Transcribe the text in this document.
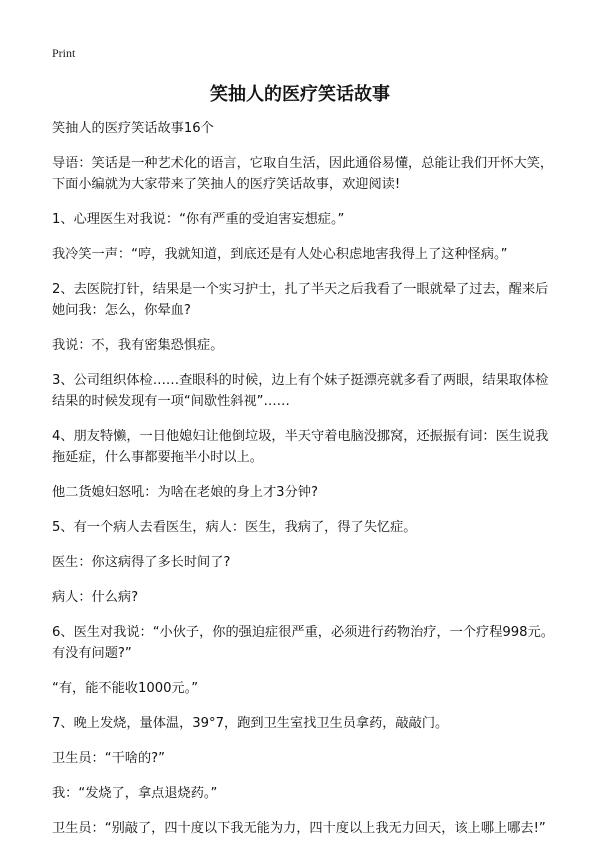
Print
笑抽人的医疗笑话故事

笑抽人的医疗笑话故事16个

导语：笑话是一种艺术化的语言，它取自生活，因此通俗易懂，总能让我们开怀大笑，下面小编就为大家带来了笑抽人的医疗笑话故事，欢迎阅读!

1、心理医生对我说：“你有严重的受迫害妄想症。”

我冷笑一声：“哼，我就知道，到底还是有人处心积虑地害我得上了这种怪病。”

2、去医院打针，结果是一个实习护士，扎了半天之后我看了一眼就晕了过去，醒来后她问我：怎么，你晕血?

我说：不，我有密集恐惧症。

3、公司组织体检……查眼科的时候，边上有个妹子挺漂亮就多看了两眼，结果取体检结果的时候发现有一项“间歇性斜视”……

4、朋友特懒，一日他媳妇让他倒垃圾，半天守着电脑没挪窝，还振振有词：医生说我拖延症，什么事都要拖半小时以上。

他二货媳妇怒吼：为啥在老娘的身上才3分钟?

5、有一个病人去看医生，病人：医生，我病了，得了失忆症。

医生：你这病得了多长时间了?

病人：什么病?

6、医生对我说：“小伙子，你的强迫症很严重，必须进行药物治疗，一个疗程998元。有没有问题?”

“有，能不能收1000元。”

7、晚上发烧，量体温，39°7，跑到卫生室找卫生员拿药，敲敲门。

卫生员：“干啥的?”

我：“发烧了，拿点退烧药。”

卫生员：“别敲了，四十度以下我无能为力，四十度以上我无力回天，该上哪上哪去!”
